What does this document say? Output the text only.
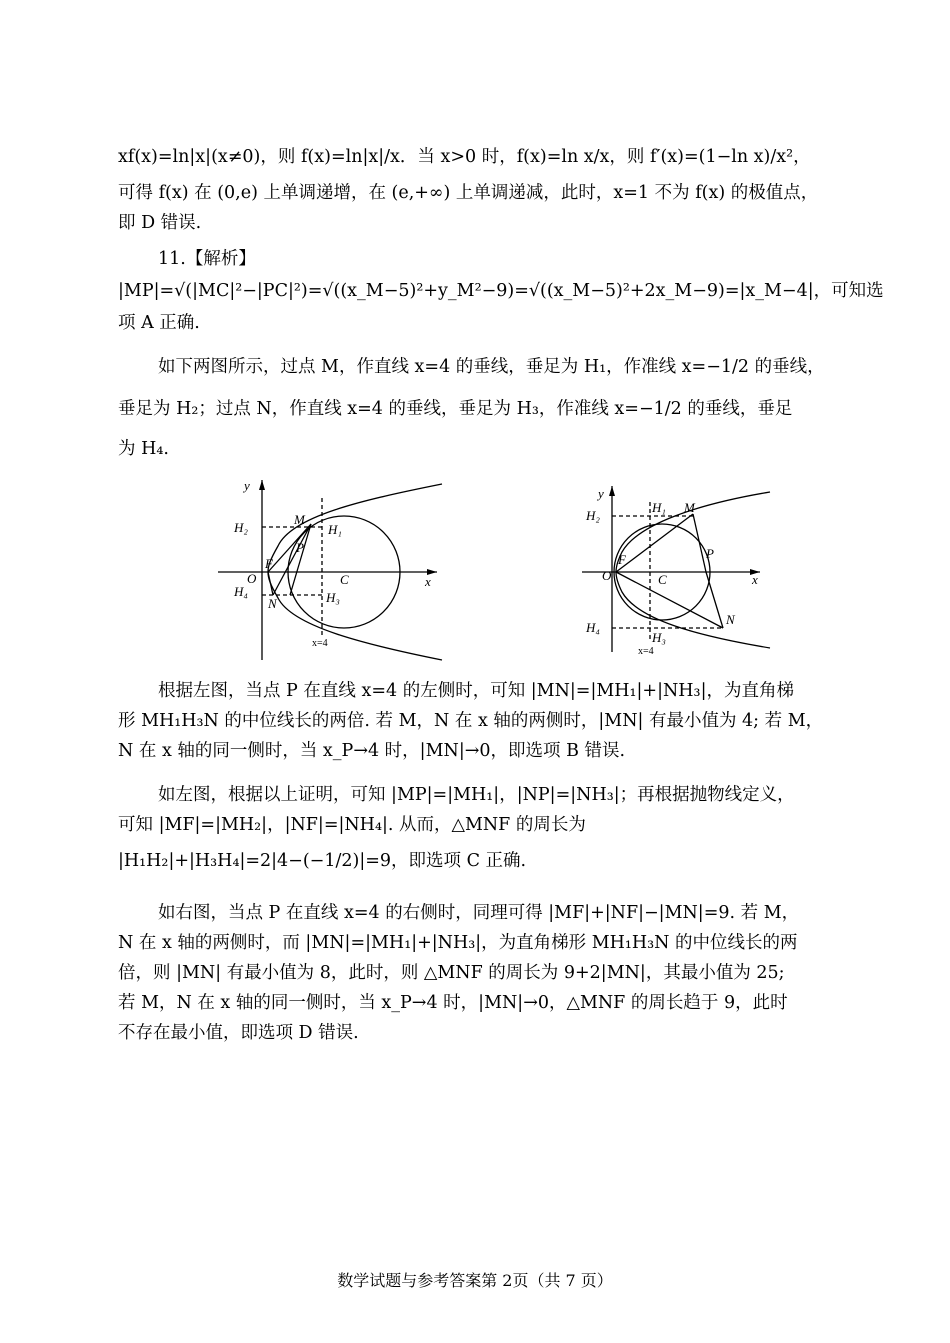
xf(x)=ln|x|(x≠0)，则 f(x)=ln|x|/x．当 x>0 时，f(x)=ln x/x，则 f′(x)=(1−ln x)/x²，
可得 f(x) 在 (0,e) 上单调递增，在 (e,+∞) 上单调递减，此时，x=1 不为 f(x) 的极值点，
即 D 错误.
11.【解析】
|MP|=√(|MC|²−|PC|²)=√((x_M−5)²+y_M²−9)=√((x_M−5)²+2x_M−9)=|x_M−4|，可知选
项 A 正确.
如下两图所示，过点 M，作直线 x=4 的垂线，垂足为 H₁，作准线 x=−1/2 的垂线，
垂足为 H₂；过点 N，作直线 x=4 的垂线，垂足为 H₃，作准线 x=−1/2 的垂线，垂足
为 H₄.
y
x
O
F
C
M
N
P
H₁
H₂
H₃
H₄
x=4
y
x
O
F
C
M
N
P
H₁
H₂
H₃
H₄
x=4
根据左图，当点 P 在直线 x=4 的左侧时，可知 |MN|=|MH₁|+|NH₃|，为直角梯
形 MH₁H₃N 的中位线长的两倍. 若 M，N 在 x 轴的两侧时，|MN| 有最小值为 4; 若 M，
N 在 x 轴的同一侧时，当 x_P→4 时，|MN|→0，即选项 B 错误.
如左图，根据以上证明，可知 |MP|=|MH₁|，|NP|=|NH₃|；再根据抛物线定义，
可知 |MF|=|MH₂|，|NF|=|NH₄|. 从而，△MNF 的周长为
|H₁H₂|+|H₃H₄|=2|4−(−1/2)|=9，即选项 C 正确.
如右图，当点 P 在直线 x=4 的右侧时，同理可得 |MF|+|NF|−|MN|=9. 若 M，
N 在 x 轴的两侧时，而 |MN|=|MH₁|+|NH₃|，为直角梯形 MH₁H₃N 的中位线长的两
倍，则 |MN| 有最小值为 8，此时，则 △MNF 的周长为 9+2|MN|，其最小值为 25;
若 M，N 在 x 轴的同一侧时，当 x_P→4 时，|MN|→0，△MNF 的周长趋于 9，此时
不存在最小值，即选项 D 错误.
数学试题与参考答案第 2页（共 7 页）
